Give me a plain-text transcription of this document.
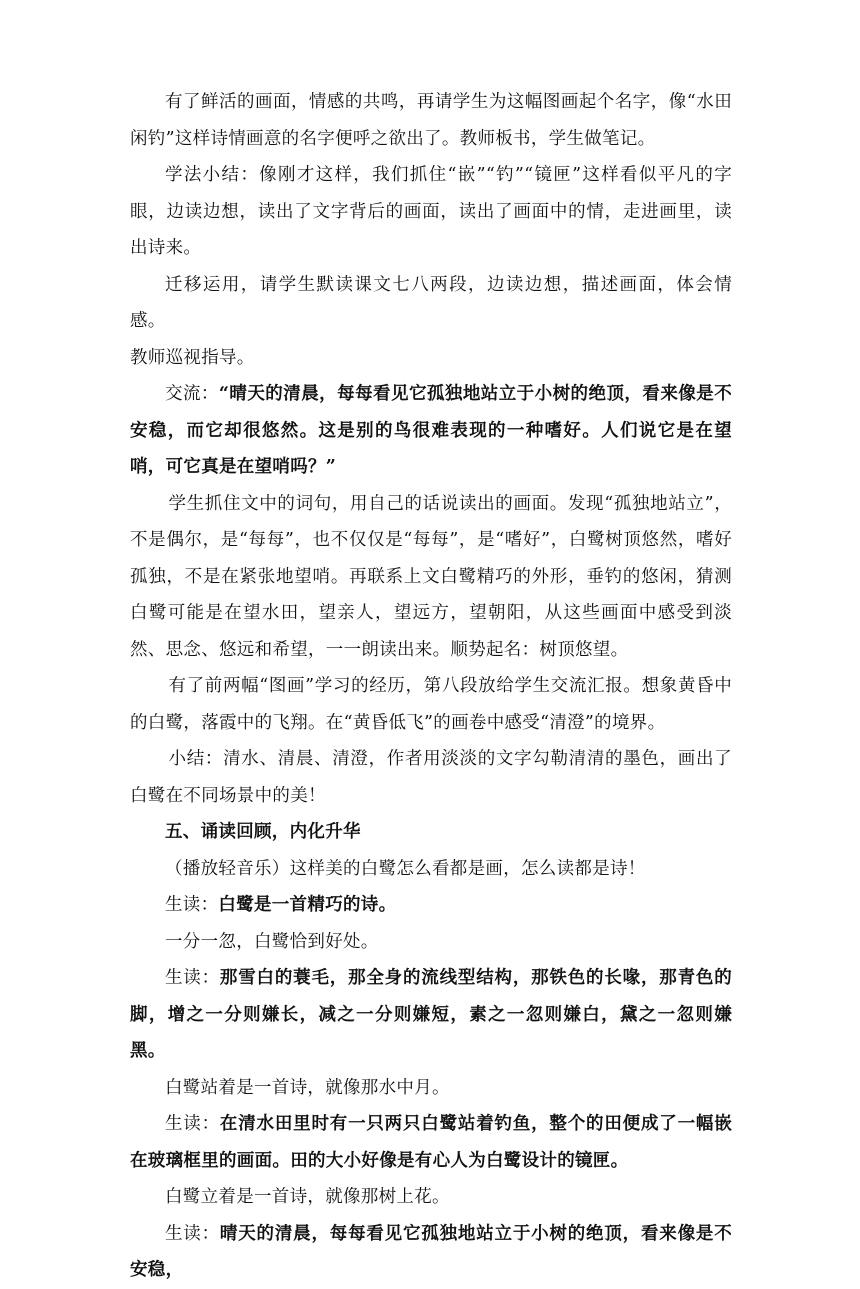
有了鲜活的画面，情感的共鸣，再请学生为这幅图画起个名字，像“水田闲钓”这样诗情画意的名字便呼之欲出了。教师板书，学生做笔记。

学法小结：像刚才这样，我们抓住“嵌”“钓”“镜匣”这样看似平凡的字眼，边读边想，读出了文字背后的画面，读出了画面中的情，走进画里，读出诗来。

迁移运用，请学生默读课文七八两段，边读边想，描述画面，体会情感。

教师巡视指导。

交流：“晴天的清晨，每每看见它孤独地站立于小树的绝顶，看来像是不安稳，而它却很悠然。这是别的鸟很难表现的一种嗜好。人们说它是在望哨，可它真是在望哨吗？”

学生抓住文中的词句，用自己的话说读出的画面。发现“孤独地站立”，不是偶尔，是“每每”，也不仅仅是“每每”，是“嗜好”，白鹭树顶悠然，嗜好孤独，不是在紧张地望哨。再联系上文白鹭精巧的外形，垂钓的悠闲，猜测白鹭可能是在望水田，望亲人，望远方，望朝阳，从这些画面中感受到淡然、思念、悠远和希望，一一朗读出来。顺势起名：树顶悠望。

有了前两幅“图画”学习的经历，第八段放给学生交流汇报。想象黄昏中的白鹭，落霞中的飞翔。在“黄昏低飞”的画卷中感受“清澄”的境界。

小结：清水、清晨、清澄，作者用淡淡的文字勾勒清清的墨色，画出了白鹭在不同场景中的美！

五、诵读回顾，内化升华

（播放轻音乐）这样美的白鹭怎么看都是画，怎么读都是诗！

生读：白鹭是一首精巧的诗。

一分一忽，白鹭恰到好处。

生读：那雪白的蓑毛，那全身的流线型结构，那铁色的长喙，那青色的脚，增之一分则嫌长，减之一分则嫌短，素之一忽则嫌白，黛之一忽则嫌黑。

白鹭站着是一首诗，就像那水中月。

生读：在清水田里时有一只两只白鹭站着钓鱼，整个的田便成了一幅嵌在玻璃框里的画面。田的大小好像是有心人为白鹭设计的镜匣。

白鹭立着是一首诗，就像那树上花。

生读：晴天的清晨，每每看见它孤独地站立于小树的绝顶，看来像是不安稳，
